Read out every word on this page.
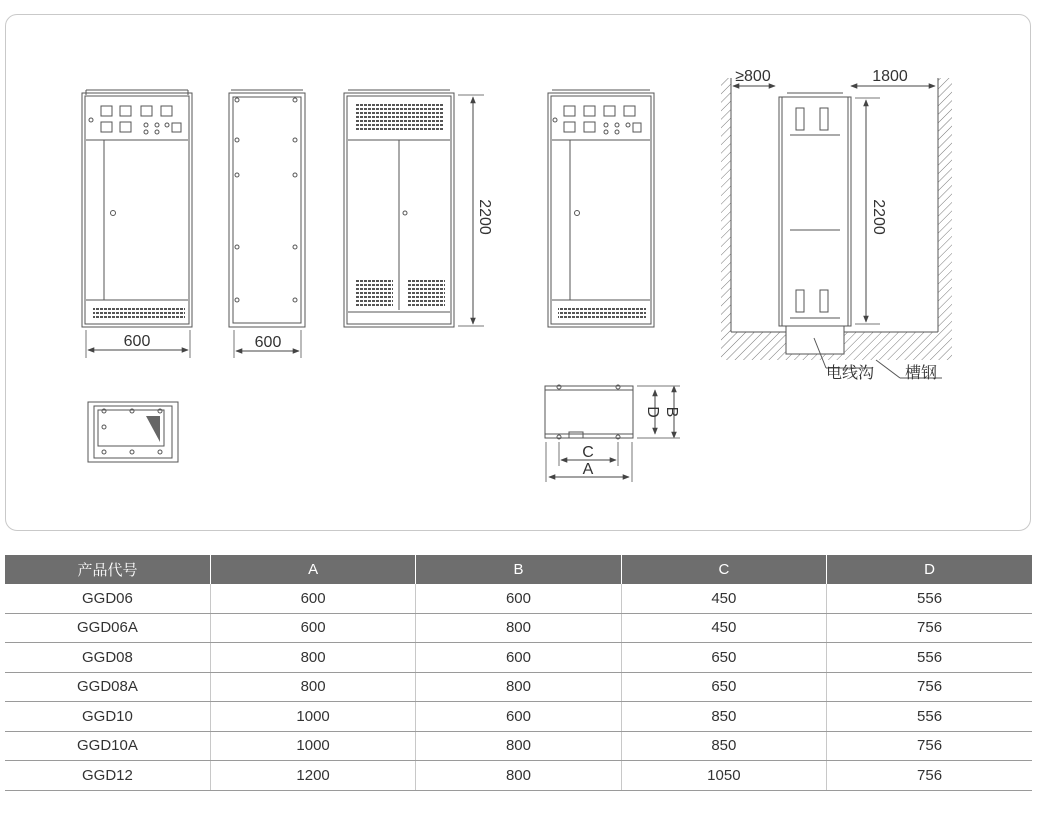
600	600
2200
≥800	1800
2200
电线沟 槽钢
D B
C
A
产品代号	A	B	C	D
GGD06	600	600	450	556
GGD06A	600	800	450	756
GGD08	800	600	650	556
GGD08A	800	800	650	756
GGD10	1000	600	850	556
GGD10A	1000	800	850	756
GGD12	1200	800	1050	756
